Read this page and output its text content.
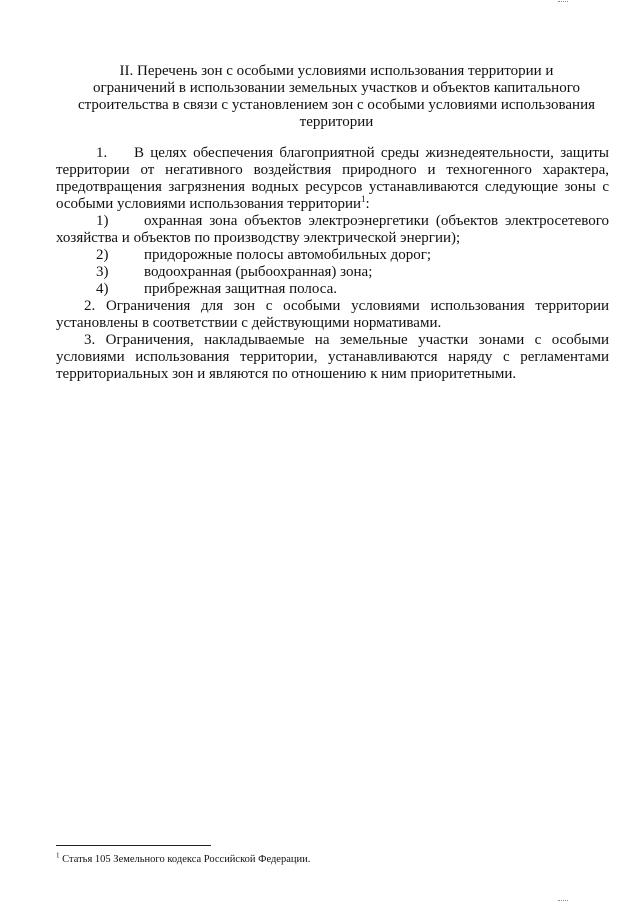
II. Перечень зон с особыми условиями использования территории и
ограничений в использовании земельных участков и объектов капитального
строительства в связи с установлением зон с особыми условиями использования
территории

1. В целях обеспечения благоприятной среды жизнедеятельности, защиты территории от негативного воздействия природного и техногенного характера, предотвращения загрязнения водных ресурсов устанавливаются следующие зоны с особыми условиями использования территории$^1$:

1) охранная зона объектов электроэнергетики (объектов электросетевого хозяйства и объектов по производству электрической энергии);

2) придорожные полосы автомобильных дорог;

3) водоохранная (рыбоохранная) зона;

4) прибрежная защитная полоса.

2. Ограничения для зон с особыми условиями использования территории установлены в соответствии с действующими нормативами.

3. Ограничения, накладываемые на земельные участки зонами с особыми условиями использования территории, устанавливаются наряду с регламентами территориальных зон и являются по отношению к ним приоритетными.

$^1$ Статья 105 Земельного кодекса Российской Федерации.
